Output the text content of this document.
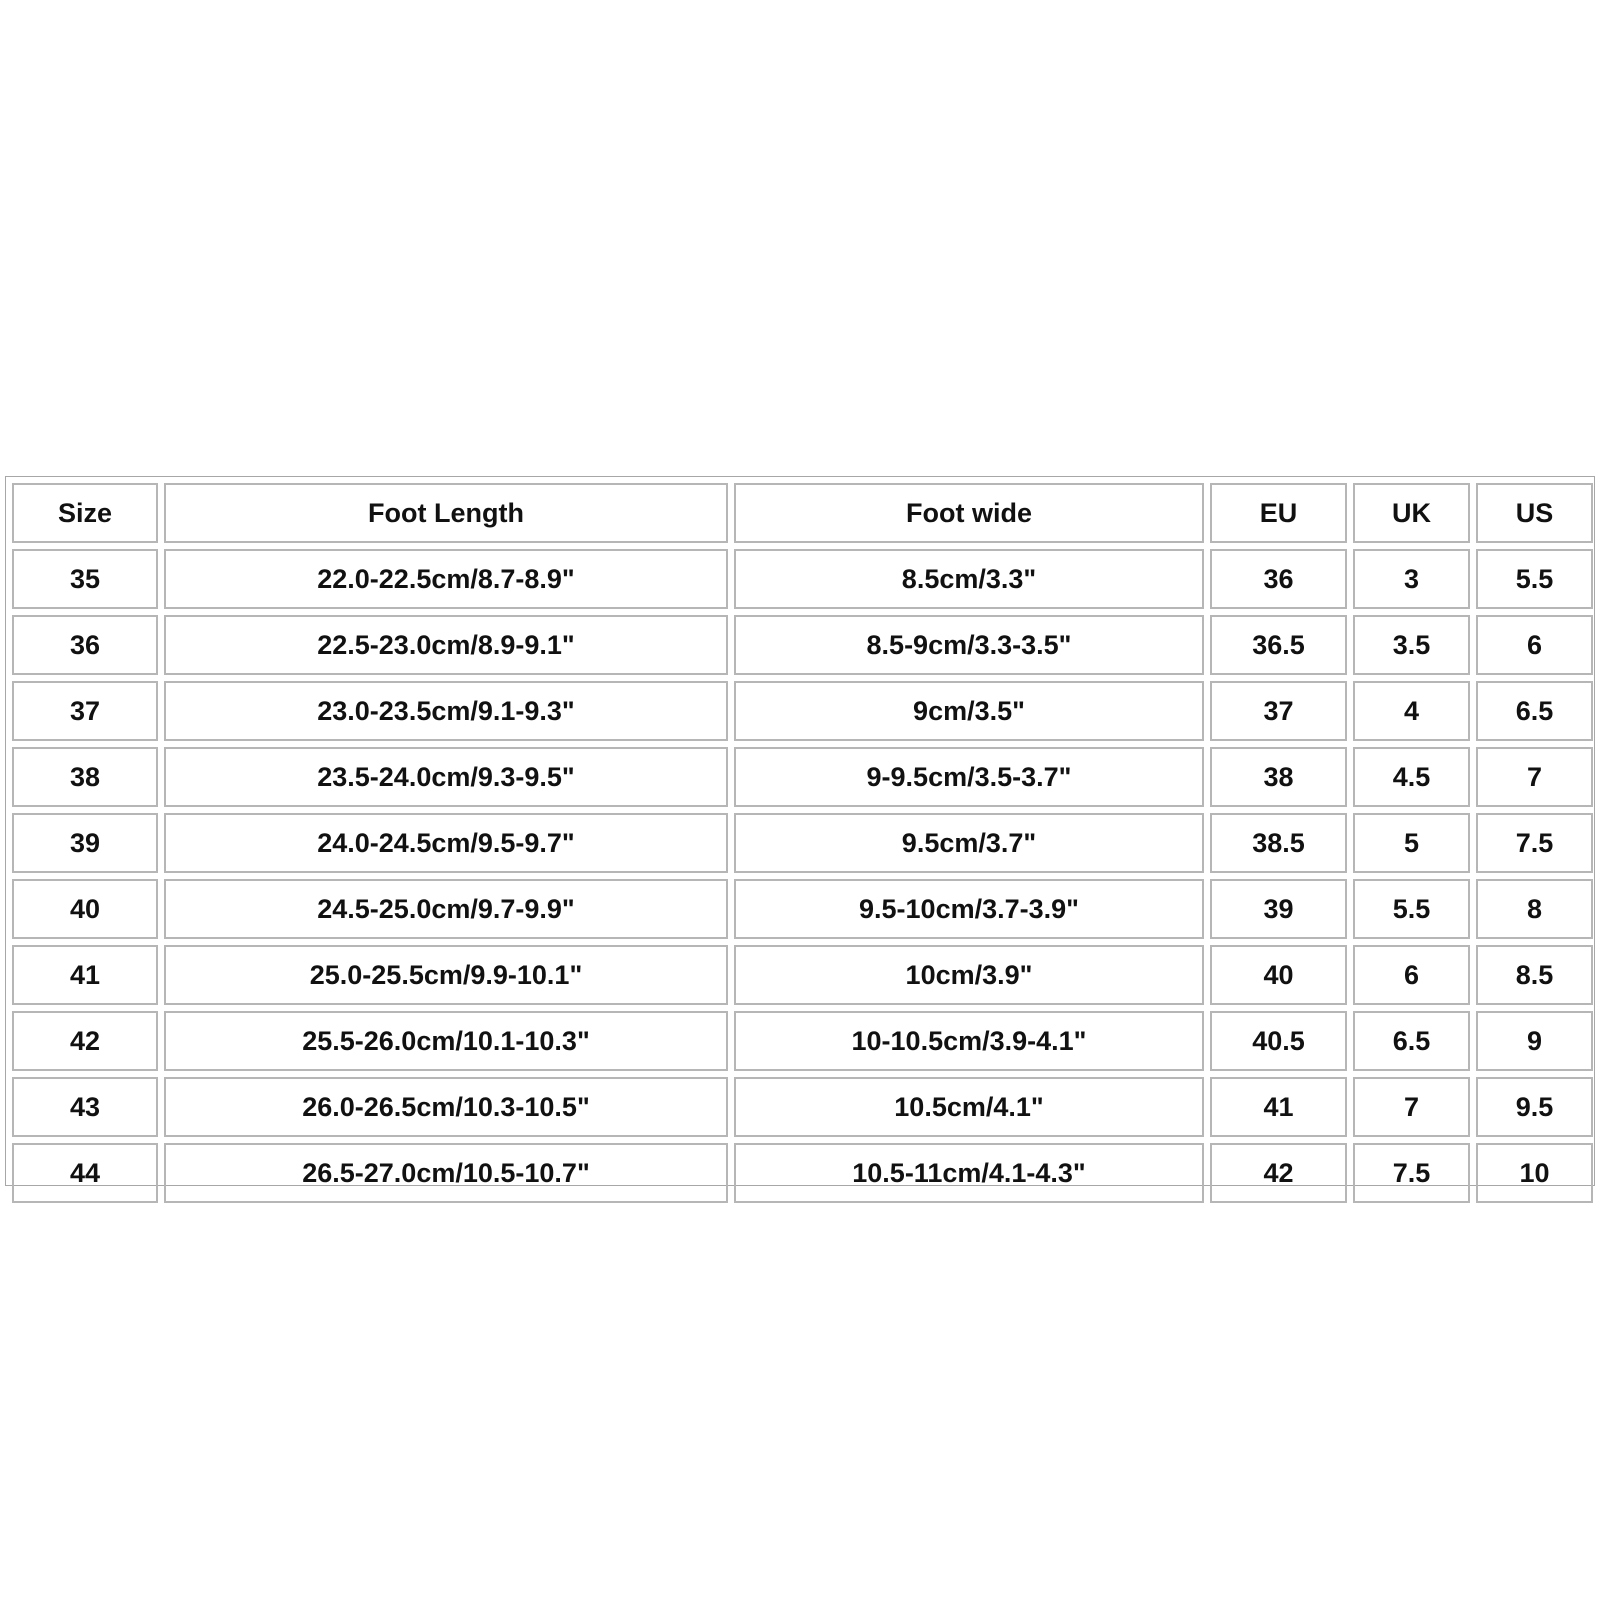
Size	Foot Length	Foot wide	EU	UK	US
35	22.0-22.5cm/8.7-8.9"	8.5cm/3.3"	36	3	5.5
36	22.5-23.0cm/8.9-9.1"	8.5-9cm/3.3-3.5"	36.5	3.5	6
37	23.0-23.5cm/9.1-9.3"	9cm/3.5"	37	4	6.5
38	23.5-24.0cm/9.3-9.5"	9-9.5cm/3.5-3.7"	38	4.5	7
39	24.0-24.5cm/9.5-9.7"	9.5cm/3.7"	38.5	5	7.5
40	24.5-25.0cm/9.7-9.9"	9.5-10cm/3.7-3.9"	39	5.5	8
41	25.0-25.5cm/9.9-10.1"	10cm/3.9"	40	6	8.5
42	25.5-26.0cm/10.1-10.3"	10-10.5cm/3.9-4.1"	40.5	6.5	9
43	26.0-26.5cm/10.3-10.5"	10.5cm/4.1"	41	7	9.5
44	26.5-27.0cm/10.5-10.7"	10.5-11cm/4.1-4.3"	42	7.5	10
